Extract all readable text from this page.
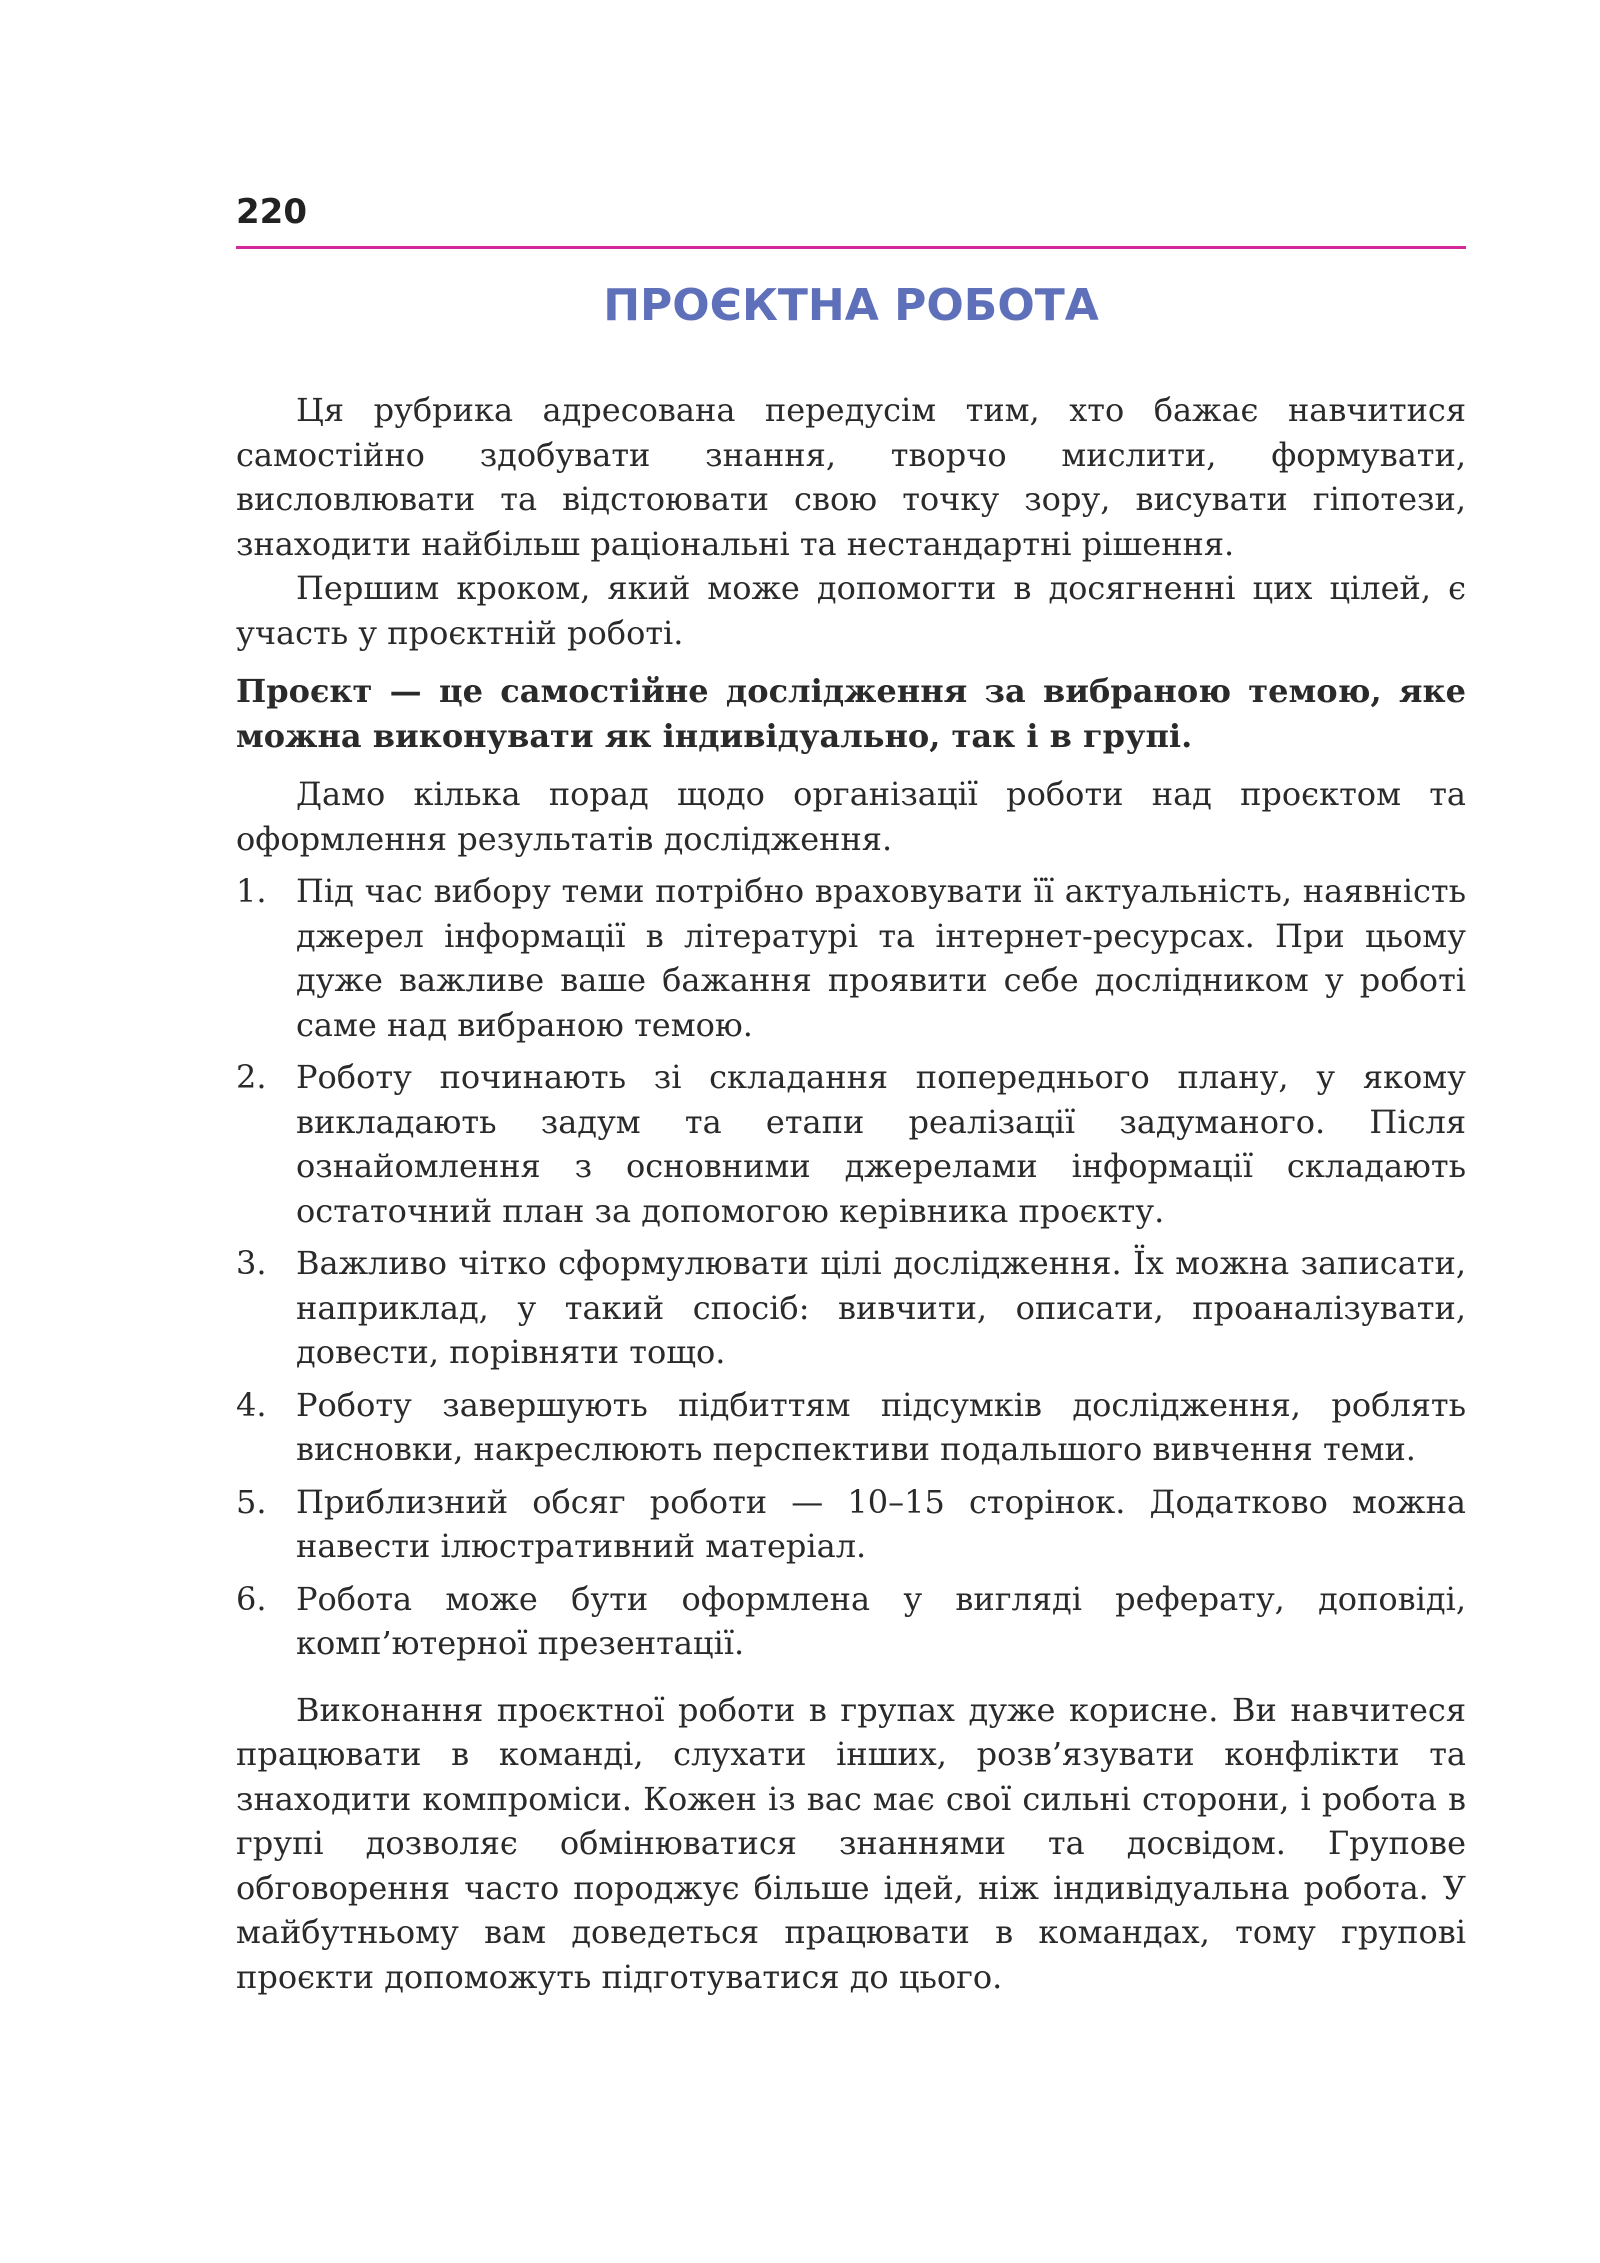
220
ПРОЄКТНА РОБОТА

Ця рубрика адресована передусім тим, хто бажає навчитися самостійно здобувати знання, творчо мислити, формувати, висловлювати та відстоювати свою точку зору, висувати гіпотези, знаходити найбільш раціональні та нестандартні рішення.

Першим кроком, який може допомогти в досягненні цих цілей, є участь у проєктній роботі.

Проєкт — це самостійне дослідження за вибраною темою, яке можна виконувати як індивідуально, так і в групі.

Дамо кілька порад щодо організації роботи над проєктом та оформлення результатів дослідження.

1. Під час вибору теми потрібно враховувати її актуальність, наявність джерел інформації в літературі та інтернет-ресурсах. При цьому дуже важливе ваше бажання проявити себе дослідником у роботі саме над вибраною темою.
2. Роботу починають зі складання попереднього плану, у якому викладають задум та етапи реалізації задуманого. Після ознайомлення з основними джерелами інформації складають остаточний план за допомогою керівника проєкту.
3. Важливо чітко сформулювати цілі дослідження. Їх можна записати, наприклад, у такий спосіб: вивчити, описати, проаналізувати, довести, порівняти тощо.
4. Роботу завершують підбиттям підсумків дослідження, роблять висновки, накреслюють перспективи подальшого вивчення теми.
5. Приблизний обсяг роботи — 10–15 сторінок. Додатково можна навести ілюстративний матеріал.
6. Робота може бути оформлена у вигляді реферату, доповіді, комп’ютерної презентації.

Виконання проєктної роботи в групах дуже корисне. Ви навчитеся працювати в команді, слухати інших, розв’язувати конфлікти та знаходити компроміси. Кожен із вас має свої сильні сторони, і робота в групі дозволяє обмінюватися знаннями та досвідом. Групове обговорення часто породжує більше ідей, ніж індивідуальна робота. У майбутньому вам доведеться працювати в командах, тому групові проєкти допоможуть підготуватися до цього.
